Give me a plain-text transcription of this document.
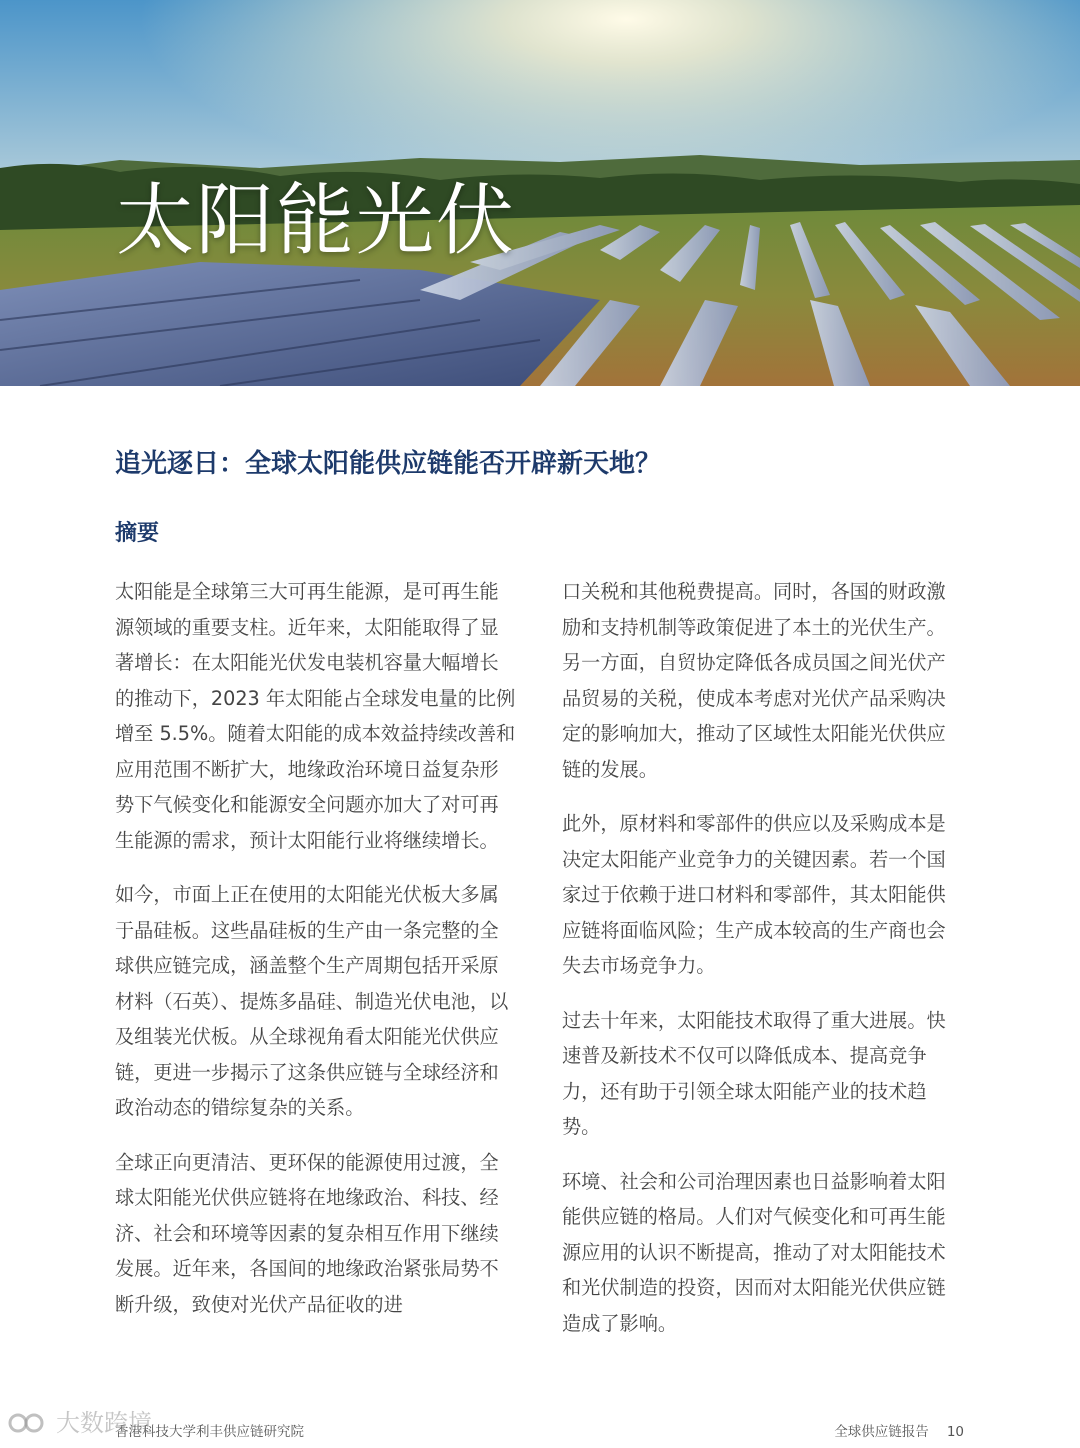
太阳能光伏
追光逐日：全球太阳能供应链能否开辟新天地？
摘要

太阳能是全球第三大可再生能源，是可再生能源领域的重要支柱。近年来，太阳能取得了显著增长：在太阳能光伏发电装机容量大幅增长的推动下，2023 年太阳能占全球发电量的比例增至 5.5%。随着太阳能的成本效益持续改善和应用范围不断扩大，地缘政治环境日益复杂形势下气候变化和能源安全问题亦加大了对可再生能源的需求，预计太阳能行业将继续增长。

如今，市面上正在使用的太阳能光伏板大多属于晶硅板。这些晶硅板的生产由一条完整的全球供应链完成，涵盖整个生产周期包括开采原材料（石英）、提炼多晶硅、制造光伏电池，以及组装光伏板。从全球视角看太阳能光伏供应链，更进一步揭示了这条供应链与全球经济和政治动态的错综复杂的关系。

全球正向更清洁、更环保的能源使用过渡，全球太阳能光伏供应链将在地缘政治、科技、经济、社会和环境等因素的复杂相互作用下继续发展。近年来，各国间的地缘政治紧张局势不断升级，致使对光伏产品征收的进

口关税和其他税费提高。同时，各国的财政激励和支持机制等政策促进了本土的光伏生产。另一方面，自贸协定降低各成员国之间光伏产品贸易的关税，使成本考虑对光伏产品采购决定的影响加大，推动了区域性太阳能光伏供应链的发展。

此外，原材料和零部件的供应以及采购成本是决定太阳能产业竞争力的关键因素。若一个国家过于依赖于进口材料和零部件，其太阳能供应链将面临风险；生产成本较高的生产商也会失去市场竞争力。

过去十年来，太阳能技术取得了重大进展。快速普及新技术不仅可以降低成本、提高竞争力，还有助于引领全球太阳能产业的技术趋势。

环境、社会和公司治理因素也日益影响着太阳能供应链的格局。人们对气候变化和可再生能源应用的认识不断提高，推动了对太阳能技术和光伏制造的投资，因而对太阳能光伏供应链造成了影响。

香港科技大学利丰供应链研究院	全球供应链报告 10
大数跨境
